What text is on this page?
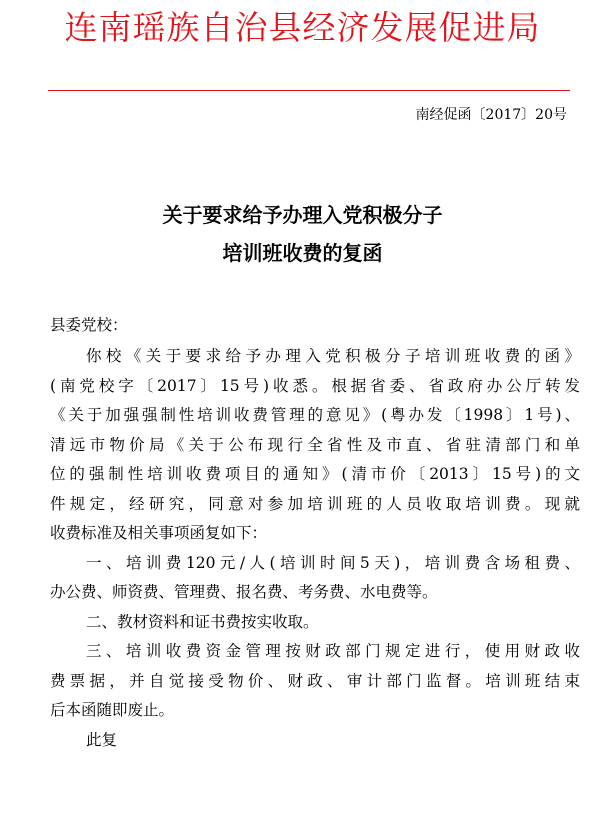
连南瑶族自治县经济发展促进局
南经促函〔2017〕20号
关于要求给予办理入党积极分子
培训班收费的复函
县委党校：
你校《关于要求给予办理入党积极分子培训班收费的函》
(南党校字〔2017〕15号)收悉。根据省委、省政府办公厅转发
《关于加强强制性培训收费管理的意见》(粤办发〔1998〕1号)、
清远市物价局《关于公布现行全省性及市直、省驻清部门和单
位的强制性培训收费项目的通知》(清市价〔2013〕15号)的文
件规定，经研究，同意对参加培训班的人员收取培训费。现就
收费标准及相关事项函复如下：
一、培训费120元/人(培训时间5天)，培训费含场租费、
办公费、师资费、管理费、报名费、考务费、水电费等。
二、教材资料和证书费按实收取。
三、培训收费资金管理按财政部门规定进行，使用财政收
费票据，并自觉接受物价、财政、审计部门监督。培训班结束
后本函随即废止。
此复
